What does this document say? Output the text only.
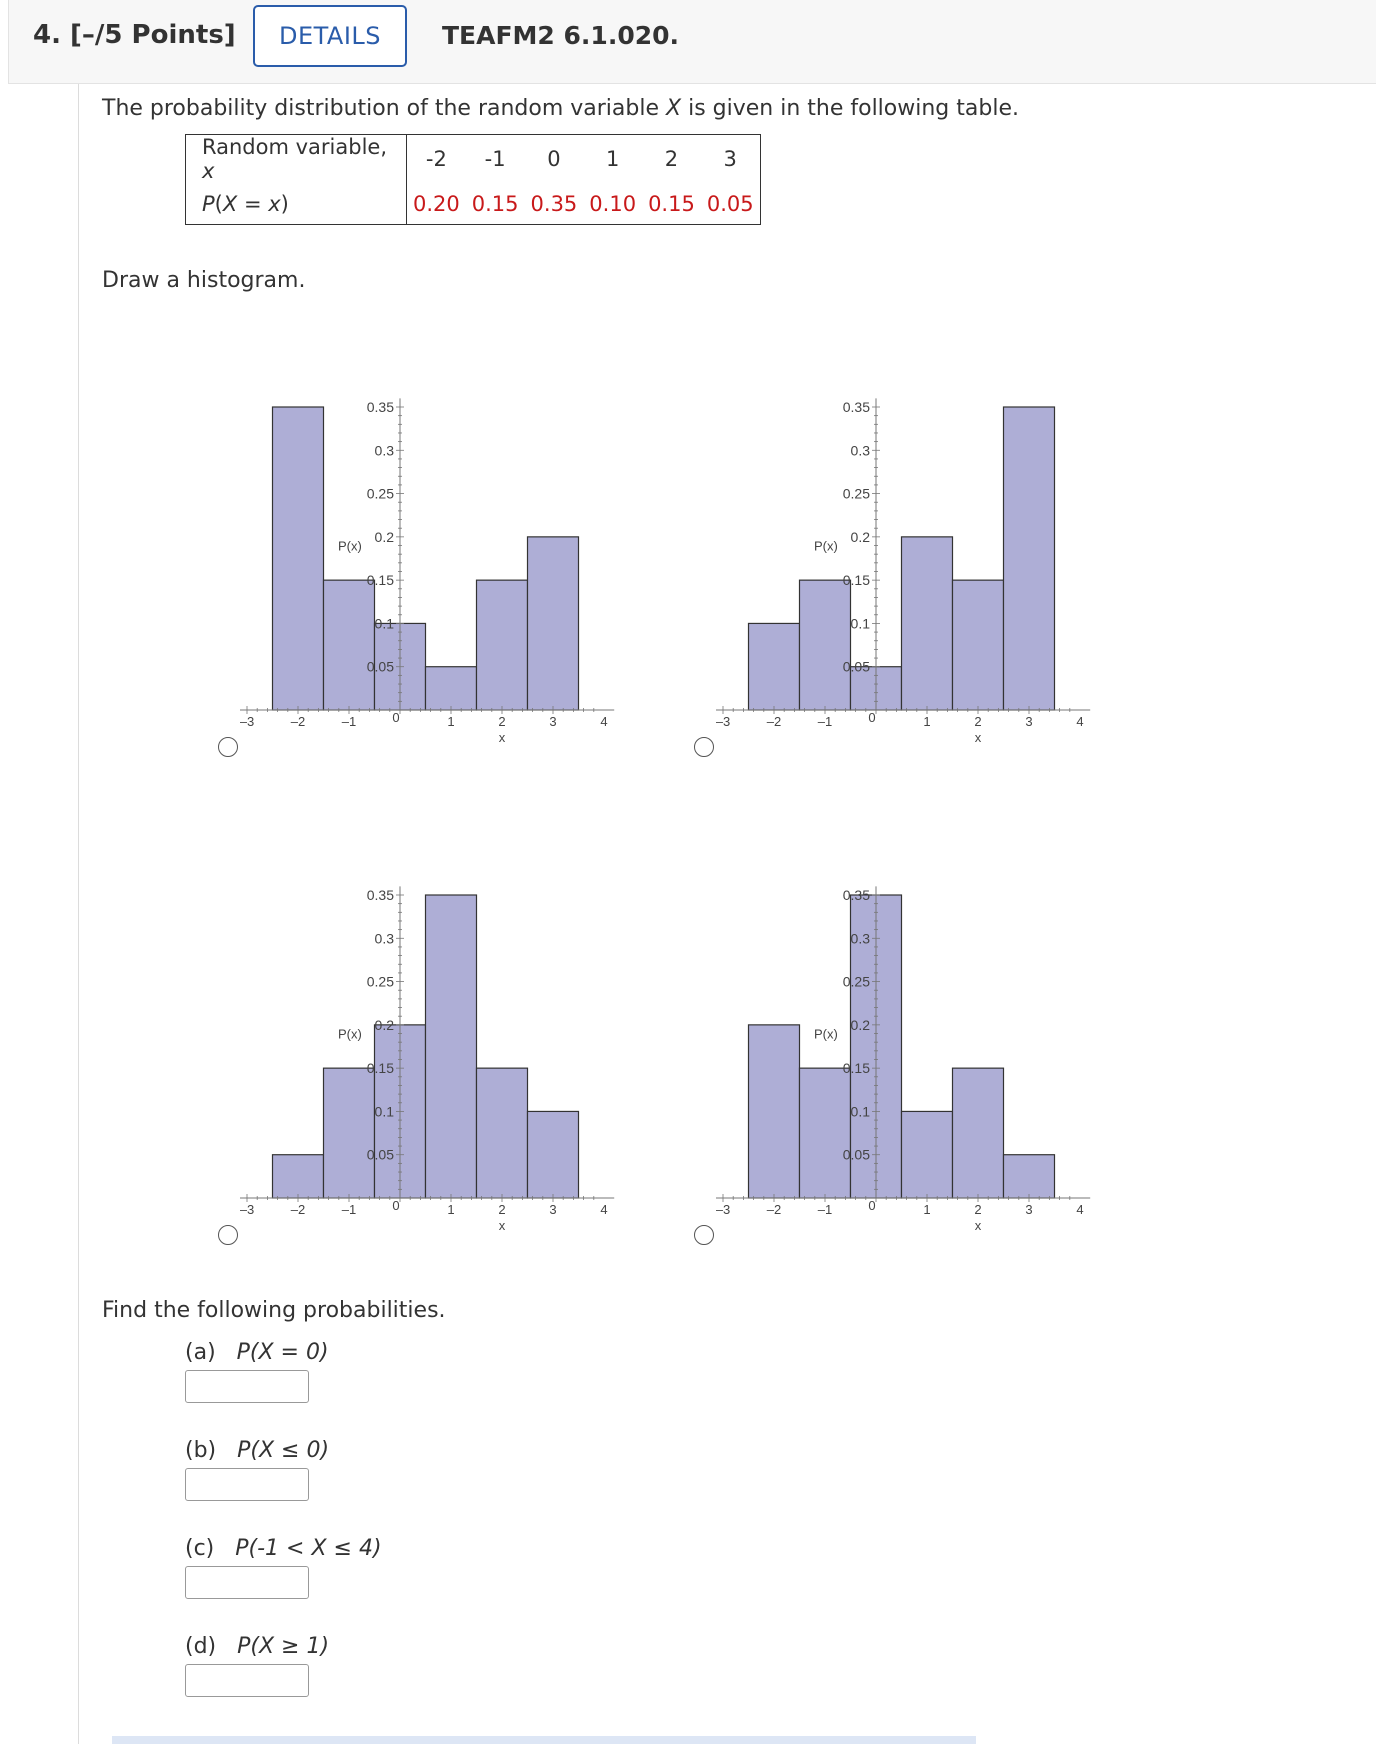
4. [–/5 Points]	DETAILS	TEAFM2 6.1.020.
The probability distribution of the random variable X is given in the following table.
Random variable, x	-2	-1	0	1	2	3
P(X = x)	0.20	0.15	0.35	0.10	0.15	0.05
Draw a histogram.
0.05
0.1
0.15
0.2
0.25
0.3
0.35
P(x)
–3	–2	–1	0	1	2	3	4
x
0.05
0.1
0.15
0.2
0.25
0.3
0.35
P(x)
–3	–2	–1	0	1	2	3	4
x
0.05
0.1
0.15
0.2
0.25
0.3
0.35
P(x)
–3	–2	–1	0	1	2	3	4
x
0.05
0.1
0.15
0.2
0.25
0.3
0.35
P(x)
–3	–2	–1	0	1	2	3	4
x
Find the following probabilities.
(a) P(X = 0)
(b) P(X ≤ 0)
(c) P(-1 < X ≤ 4)
(d) P(X ≥ 1)
